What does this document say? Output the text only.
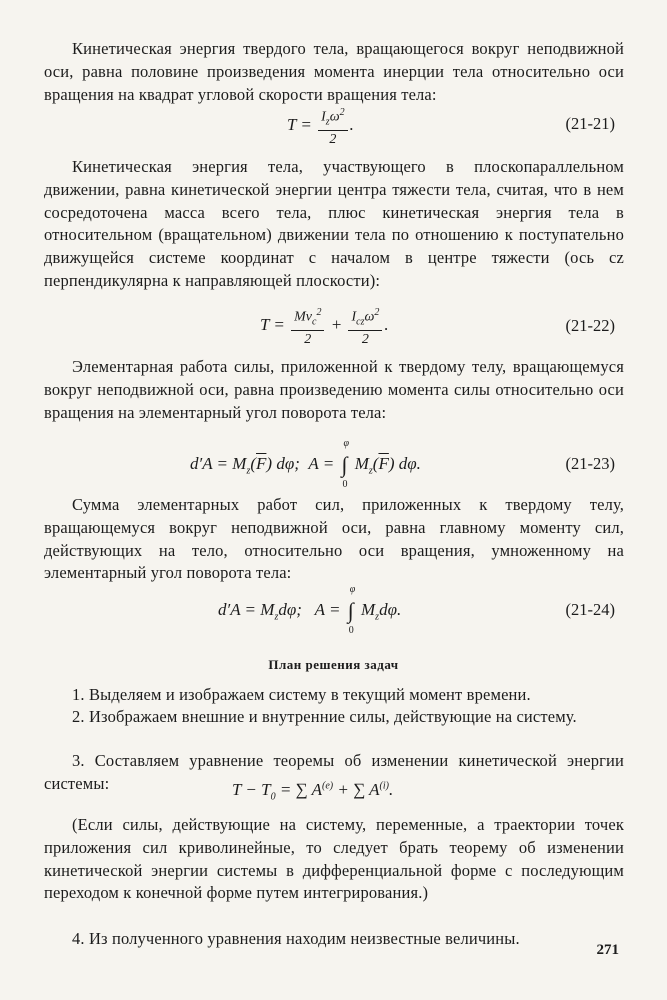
Кинетическая энергия твердого тела, вращающегося вокруг неподвижной оси, равна половине произведения момента инерции тела относительно оси вращения на квадрат угловой скорости вращения тела:
$T = \frac{I_z\omega^2}{2}$ .	(21-21)
Кинетическая энергия тела, участвующего в плоскопараллельном движении, равна кинетической энергии центра тяжести тела, считая, что в нем сосредоточена масса всего тела, плюс кинетическая энергия тела в относительном (вращательном) движении тела по отношению к поступательно движущейся системе координат с началом в центре тяжести (ось cz перпендикулярна к направляющей плоскости):
$T = \frac{Mv_c^2}{2} + \frac{I_{cz}\omega^2}{2}$ .	(21-22)
Элементарная работа силы, приложенной к твердому телу, вращающемуся вокруг неподвижной оси, равна произведению момента силы относительно оси вращения на элементарный угол поворота тела:
$d'A = M_z(\overline{F})$ dφ;  A = ∫
φ
0
$M_z(\overline{F})$ dφ.	(21-23)
Сумма элементарных работ сил, приложенных к твердому телу, вращающемуся вокруг неподвижной оси, равна главному моменту сил, действующих на тело, относительно оси вращения, умноженному на элементарный угол поворота тела:
$d'A = M_zd\varphi$;   A = ∫
φ
0
$M_zd\varphi$.	(21-24)
План решения задач
1. Выделяем и изображаем систему в текущий момент времени.
2. Изображаем внешние и внутренние силы, действующие на систему.
3. Составляем уравнение теоремы об изменении кинетической энергии системы:	$T - T_0$ = ∑ $A^{(e)}$ + ∑ $A^{(i)}$.
(Если силы, действующие на систему, переменные, а траектории точек приложения сил криволинейные, то следует брать теорему об изменении кинетической энергии системы в дифференциальной форме с последующим переходом к конечной форме путем интегрирования.)
4. Из полученного уравнения находим неизвестные величины.
271
